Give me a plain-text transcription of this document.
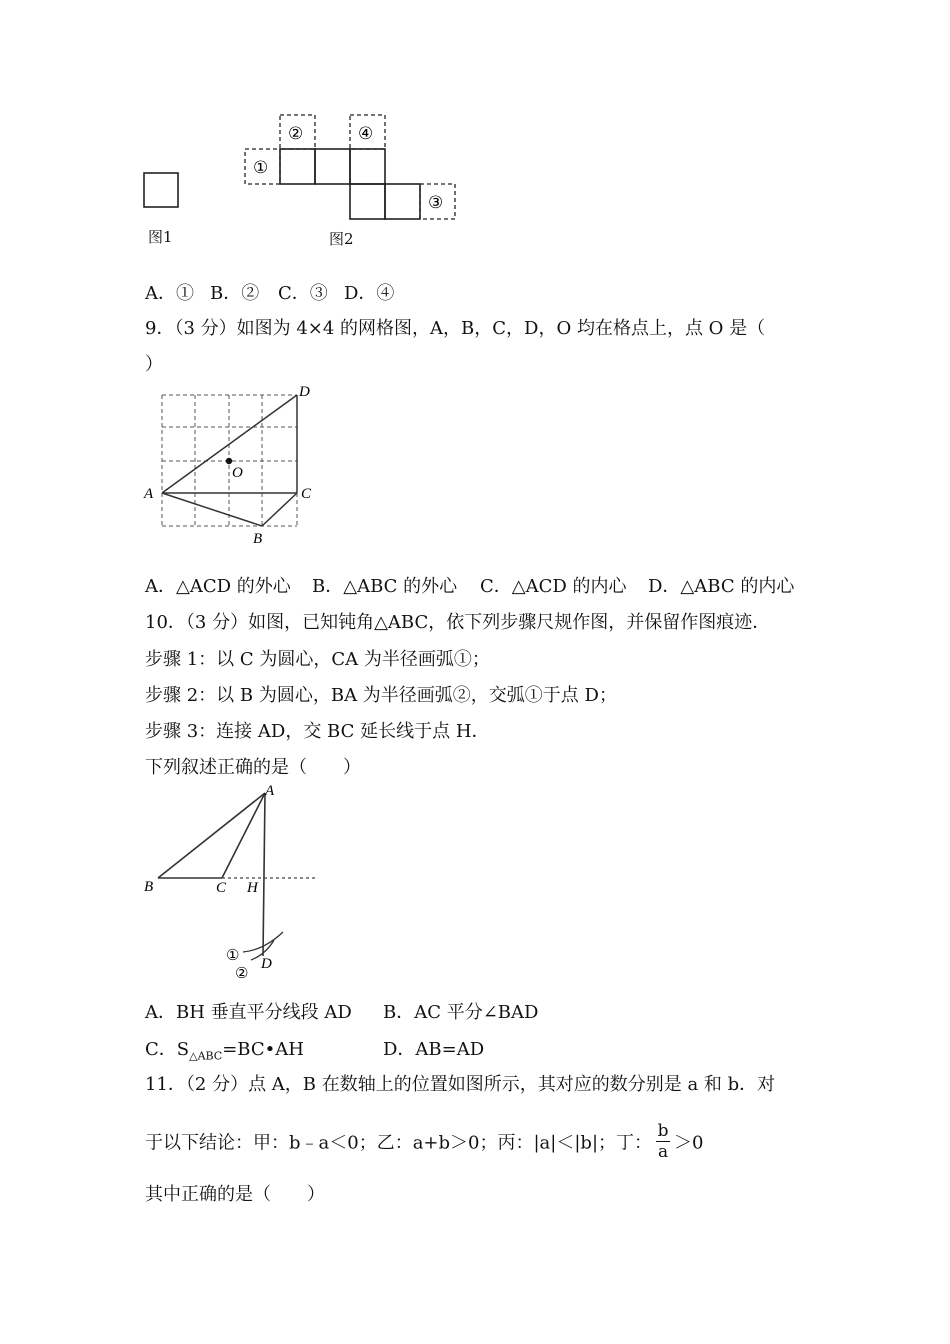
图1
①
②	④
③
图2
A．① B．② C．③ D．④
9．（3 分）如图为 4×4 的网格图，A，B，C，D，O 均在格点上，点 O 是（
）
A
B
C
D
O
A．△ACD 的外心 B．△ABC 的外心 C．△ACD 的内心 D．△ABC 的内心
10．（3 分）如图，已知钝角△ABC，依下列步骤尺规作图，并保留作图痕迹．
步骤 1：以 C 为圆心，CA 为半径画弧①；
步骤 2：以 B 为圆心，BA 为半径画弧②，交弧①于点 D；
步骤 3：连接 AD，交 BC 延长线于点 H．
下列叙述正确的是（　　）
A
B	C H
D
①
②
A．BH 垂直平分线段 AD B．AC 平分∠BAD
C．$S_{\triangle ABC}=BC•AH$	D．AB=AD
11．（2 分）点 A，B 在数轴上的位置如图所示，其对应的数分别是 a 和 b．对
于以下结论：甲：b﹣a＜0；乙：a+b＞0；丙：|a|＜|b|；丁： $\frac{b}{a} >0$
其中正确的是（　　）
